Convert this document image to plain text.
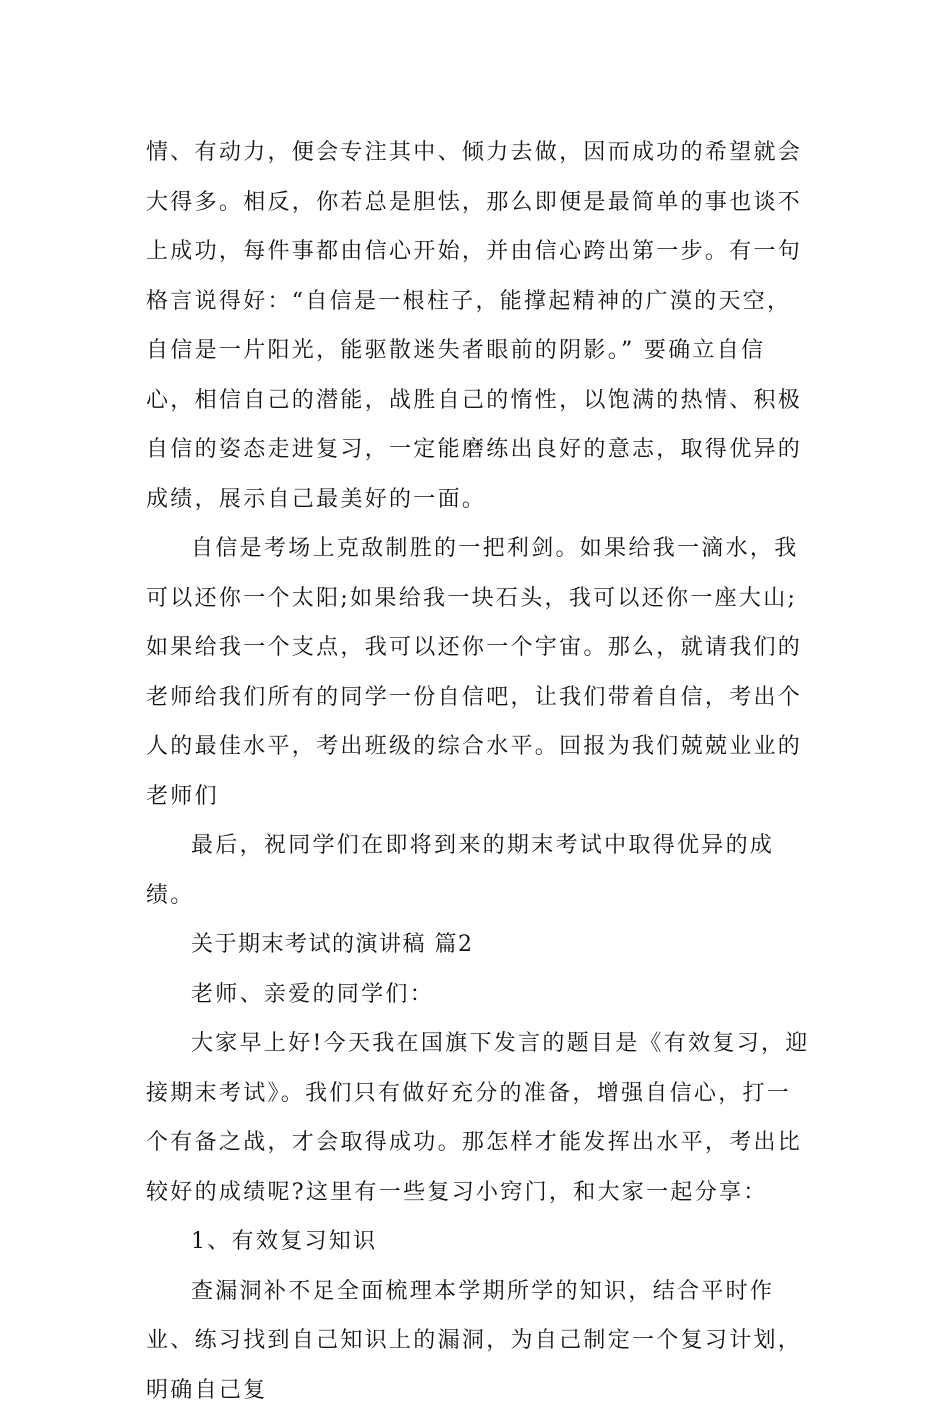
情、有动力，便会专注其中、倾力去做，因而成功的希望就会大得多。相反，你若总是胆怯，那么即便是最简单的事也谈不上成功，每件事都由信心开始，并由信心跨出第一步。有一句格言说得好：“自信是一根柱子，能撑起精神的广漠的天空，自信是一片阳光，能驱散迷失者眼前的阴影。” 要确立自信心，相信自己的潜能，战胜自己的惰性，以饱满的热情、积极自信的姿态走进复习，一定能磨练出良好的意志，取得优异的成绩，展示自己最美好的一面。

自信是考场上克敌制胜的一把利剑。如果给我一滴水，我可以还你一个太阳;如果给我一块石头，我可以还你一座大山;如果给我一个支点，我可以还你一个宇宙。那么，就请我们的老师给我们所有的同学一份自信吧，让我们带着自信，考出个人的最佳水平，考出班级的综合水平。回报为我们兢兢业业的老师们

最后，祝同学们在即将到来的期末考试中取得优异的成绩。

关于期末考试的演讲稿 篇2

老师、亲爱的同学们：

大家早上好!今天我在国旗下发言的题目是《有效复习，迎接期末考试》。我们只有做好充分的准备，增强自信心，打一个有备之战，才会取得成功。那怎样才能发挥出水平，考出比较好的成绩呢?这里有一些复习小窍门，和大家一起分享：

1、有效复习知识

查漏洞补不足全面梳理本学期所学的知识，结合平时作业、练习找到自己知识上的漏洞，为自己制定一个复习计划，明确自己复
